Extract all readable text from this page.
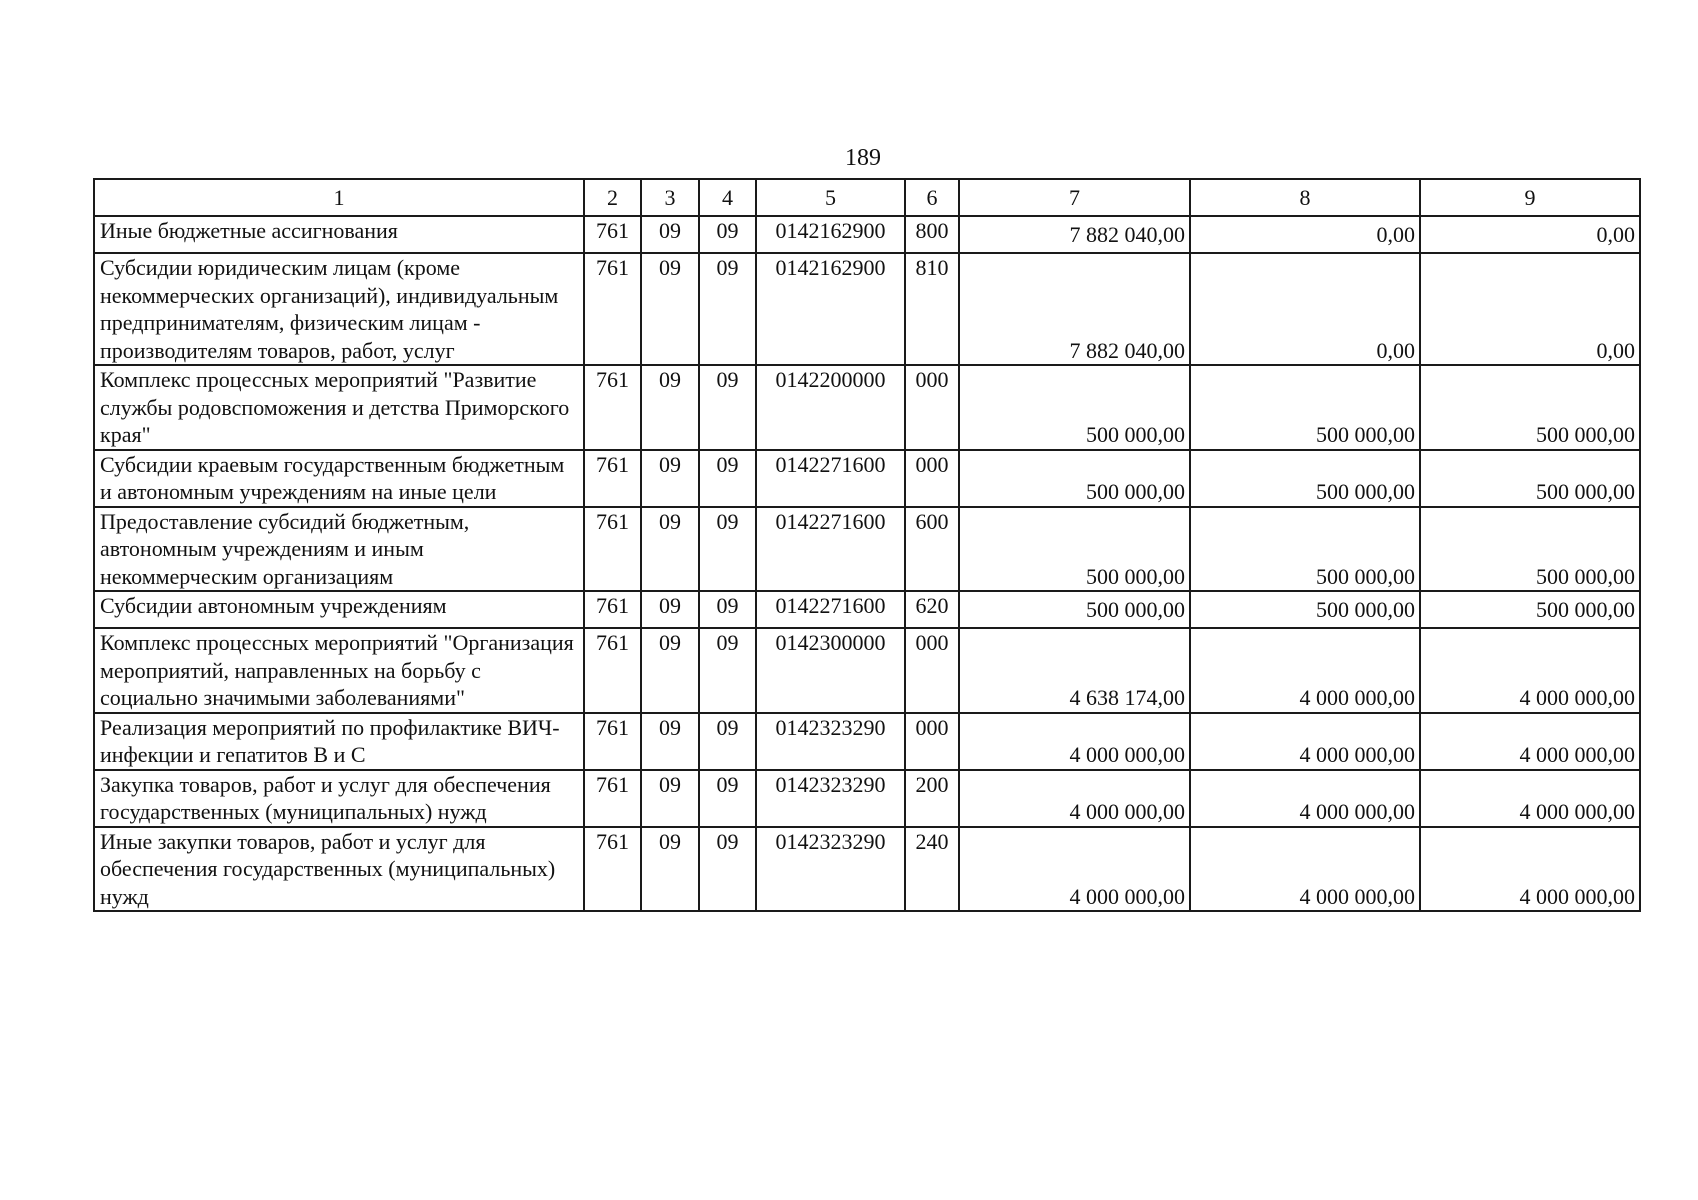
189
1	2	3	4	5	6	7	8	9
Иные бюджетные ассигнования	761	09	09	0142162900	800	7 882 040,00	0,00	0,00
Субсидии юридическим лицам (кроме некоммерческих организаций), индивидуальным предпринимателям, физическим лицам - производителям товаров, работ, услуг	761	09	09	0142162900	810	7 882 040,00	0,00	0,00
Комплекс процессных мероприятий "Развитие службы родовспоможения и детства Приморского края"	761	09	09	0142200000	000	500 000,00	500 000,00	500 000,00
Субсидии краевым государственным бюджетным и автономным учреждениям на иные цели	761	09	09	0142271600	000	500 000,00	500 000,00	500 000,00
Предоставление субсидий бюджетным, автономным учреждениям и иным некоммерческим организациям	761	09	09	0142271600	600	500 000,00	500 000,00	500 000,00
Субсидии автономным учреждениям	761	09	09	0142271600	620	500 000,00	500 000,00	500 000,00
Комплекс процессных мероприятий "Организация мероприятий, направленных на борьбу с социально значимыми заболеваниями"	761	09	09	0142300000	000	4 638 174,00	4 000 000,00	4 000 000,00
Реализация мероприятий по профилактике ВИЧ-инфекции и гепатитов В и С	761	09	09	0142323290	000	4 000 000,00	4 000 000,00	4 000 000,00
Закупка товаров, работ и услуг для обеспечения государственных (муниципальных) нужд	761	09	09	0142323290	200	4 000 000,00	4 000 000,00	4 000 000,00
Иные закупки товаров, работ и услуг для обеспечения государственных (муниципальных) нужд	761	09	09	0142323290	240	4 000 000,00	4 000 000,00	4 000 000,00
